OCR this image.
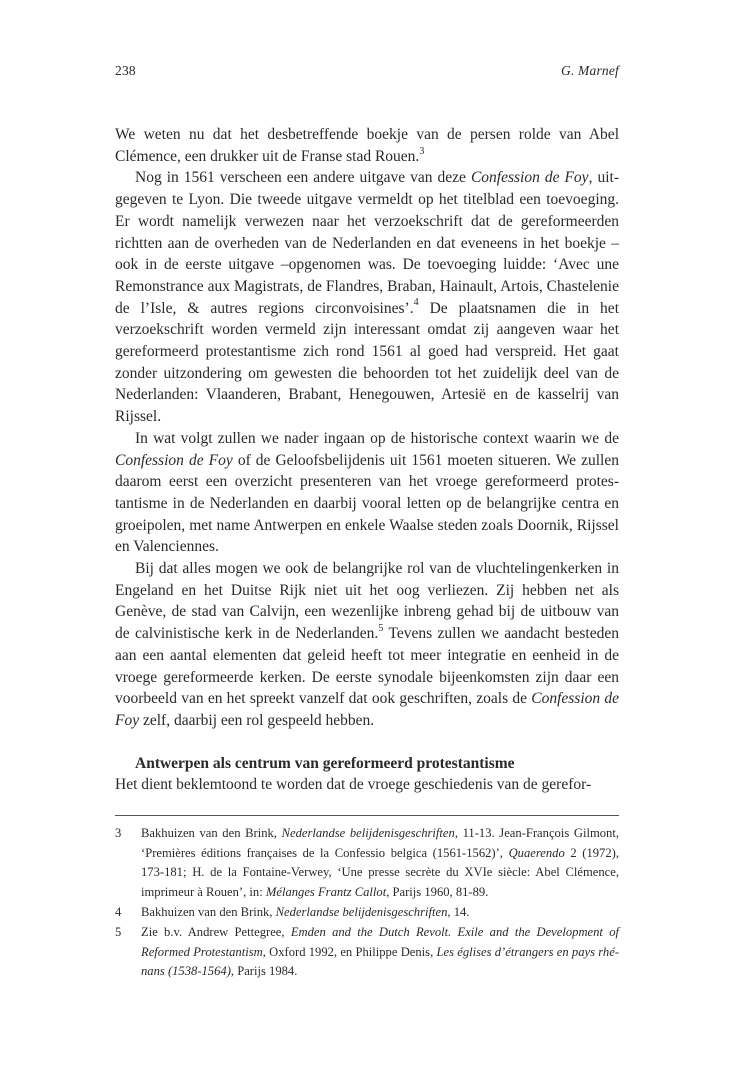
238	G. Marnef

We weten nu dat het desbetreffende boekje van de persen rolde van Abel Clémence, een drukker uit de Franse stad Rouen.$^3$

Nog in 1561 verscheen een andere uitgave van deze Confession de Foy, uitgegeven te Lyon. Die tweede uitgave vermeldt op het titelblad een toevoeging. Er wordt namelijk verwezen naar het verzoekschrift dat de gereformeerden richtten aan de overheden van de Nederlanden en dat eveneens in het boekje – ook in de eerste uitgave –opgenomen was. De toevoeging luidde: ‘Avec une Remonstrance aux Magistrats, de Flandres, Braban, Hainault, Artois, Chastelenie de l’Isle, & autres regions circonvoisines’.$^4$ De plaatsnamen die in het verzoekschrift worden vermeld zijn interessant omdat zij aangeven waar het gereformeerd protestantisme zich rond 1561 al goed had verspreid. Het gaat zonder uitzondering om gewesten die behoorden tot het zuidelijk deel van de Nederlanden: Vlaanderen, Brabant, Henegouwen, Artesië en de kasselrij van Rijssel.

In wat volgt zullen we nader ingaan op de historische context waarin we de Confession de Foy of de Geloofsbelijdenis uit 1561 moeten situeren. We zullen daarom eerst een overzicht presenteren van het vroege gereformeerd protestantisme in de Nederlanden en daarbij vooral letten op de belangrijke centra en groeipolen, met name Antwerpen en enkele Waalse steden zoals Doornik, Rijssel en Valenciennes.

Bij dat alles mogen we ook de belangrijke rol van de vluchtelingenkerken in Engeland en het Duitse Rijk niet uit het oog verliezen. Zij hebben net als Genève, de stad van Calvijn, een wezenlijke inbreng gehad bij de uitbouw van de calvinistische kerk in de Nederlanden.$^5$ Tevens zullen we aandacht besteden aan een aantal elementen dat geleid heeft tot meer integratie en eenheid in de vroege gereformeerde kerken. De eerste synodale bijeenkomsten zijn daar een voorbeeld van en het spreekt vanzelf dat ook geschriften, zoals de Confession de Foy zelf, daarbij een rol gespeeld hebben.

Antwerpen als centrum van gereformeerd protestantisme

Het dient beklemtoond te worden dat de vroege geschiedenis van de gerefor-

3	Bakhuizen van den Brink, Nederlandse belijdenisgeschriften, 11-13. Jean-François Gilmont, ‘Premières éditions françaises de la Confessio belgica (1561-1562)’, Quaerendo 2 (1972), 173-181; H. de la Fontaine-Verwey, ‘Une presse secrète du XVIe siècle: Abel Clémence, imprimeur à Rouen’, in: Mélanges Frantz Callot, Parijs 1960, 81-89.
4	Bakhuizen van den Brink, Nederlandse belijdenisgeschriften, 14.
5	Zie b.v. Andrew Pettegree, Emden and the Dutch Revolt. Exile and the Development of Reformed Protestantism, Oxford 1992, en Philippe Denis, Les églises d’étrangers en pays rhénans (1538-1564), Parijs 1984.
